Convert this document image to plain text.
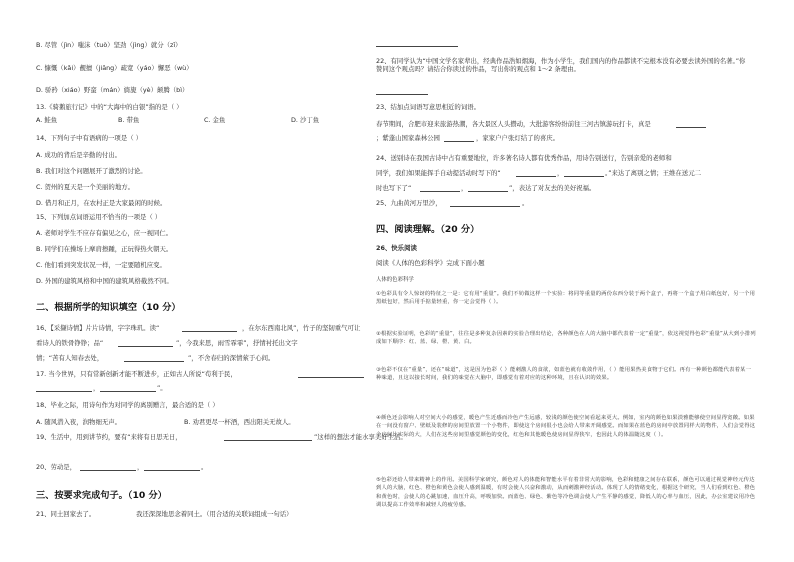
B. 尽管（jìn）嗤沫（tuò）坚劲（jìng）就分（zī）
C. 慷慨（kǎi）靓擅（jiāng）疏宽（yáo）懈恶（wù）
D. 骄矜（xiáo）野蛮（mán）旖旎（yè）颠腾（bì）
13.《骑鹅旅行记》中的“大海中的白银”指的是（ ）
A. 鲑鱼	B. 带鱼	C. 金鱼	D. 沙丁鱼
14、下列句子中有语病的一项是（ ）
A. 成功的背后是辛勤的付出。
B. 我们对这个问题展开了激烈的讨论。
C. 贺州的夏天是一个美丽的地方。
D. 借月和正月，在农村正是大家最闲的时候。
15、下列加点词语运用不恰当的一项是（ ）
A. 老师对学生不应存有偏见之心，应一视同仁。
B. 同学们在操场上摩肩擦踵，正玩得热火朝天。
C. 他们看到突发状况一样，一定要随机应变。
D. 外国的建筑风格和中国的建筑风格截然不同。
二、根据所学的知识填空（10 分）
16、【采撷诗情】片片诗情，字字珠玑。读“	，在尔东西南北风”，竹子的坚韧重气可让
看诗人的铁骨铮铮；品“	”，今我来思，雨雪霏霏”，抒情衬托出文字
情；“苦有人知春去处，	”，不舍春归的深情萦于心间。
17. 当今世界，只有常新创新才能不断进步，正如古人所说“苟利于民，
，	”。
18、毕业之际，用诗句作为对同学的离别赠言，最合适的是（ ）
A. 随风潜入夜，润物细无声。	B. 劝君更尽一杯酒，西出阳关无故人。
19、生活中，用到讲节约，要有“来将有日思无日，	”这样的想法才能水享美好生活。
20、劳动是，	，	。
三、按要求完成句子。（10 分）
21、同土回家去了。	我还深深地思念着同土。（用合适的关联词组成一句话）
22、有同学认为“中国文学名家辈出，经典作品浩如烟海，作为小学生，我们国内的作品都读不完根本没有必要去读外国的名著。”你赞同这个观点吗？请结合你读过的作品，写出你的观点和 1～2 条理由。
23、结加点词语写意思相近的词语。
春节期间，合肥市迎来旅游热潮，各大景区人头攒动，大批游客纷纷前往三河古镇游玩打卡，真是
；紫蓬山国家森林公园	，家家户户张灯结了的喜庆。
24、送别诗在我国古诗中占有重要地位，许多著名诗人都有优秀作品，用诗告别送行，告别亲爱的老师和
同学，我们如果能挥手自动提活动时写下的“	，	。”来达了离别之情；王维在送元二
时也写下了“	，	”，表达了对友去的美好祝福。
25、九曲黄河万里沙，	。
四、阅读理解。（20 分）
26、快乐阅读
阅读《人体的色彩科学》完成下面小题
人体的色彩科学
①色彩具有令人惊讶的特征之一是：它有用“重量”。我们不妨做这样一个实验：将同等重量的两份东西分装于两个盒子，再将一个盒子用白纸包好，另一个用黑纸包好，然后用手掂量轻重，你一定会觉得（ ）。
②根据实验证明，色彩的“重量”，往往是多种复杂因素的实验合理出结论，各种颜色在人的大脑中都代表着一定“重量”，依这视觉得色彩“重量”从大到小排列成如下顺序：红、蓝、绿、橙、黄、白。
③色彩不仅在“重量”，还在“味道”，这是因为色彩（ ）能刺激人的食欲，如蓝色就有收敛作用，（ ）能用果热美食物于它们。再有一种颜色都能代表着某一种味道，且这以接长时间，我们的味觉在大脑中，即感觉有着对应的这种环境，且在认识的效果。
④颜色还会影响人对空间大小的感觉，暖色产生近感而冷色产生远感，较浅的颜色使空间看起来更大。例如，室内的颜色如果淡雅能够使空间显得宽敞。如果在一间没有窗户、壁纸及装修的房间里放置一个小物件，即使这个房间很小也会给人带来开阔感觉。而如果在蓝色的房间中放置同样大的物件，人们会觉得这个房间比实际的大，人们在这些房间里感觉颜色的变化，红色和其他暖色使房间显得狭窄，也因此人的体温随这度（ ）。
⑤色彩还给人带来精神上的作用。美国科学家研究，颜色对人的体能和智能水平有着非常大的影响，色彩和健康之间存在联系，颜色可以通过视觉神经元传达到人的大脑，红色、橙色和黄色会使人感到温暖，有时会使人兴奋和激动，从而刺激神经活动。体现了人的情绪变化，根据这个研究，当人们看到红色、橙色和黄色时，会使人的心跳加速，血压升高，呼吸加快。而蓝色、绿色、紫色等冷色调会使人产生平静的感觉，降低人的心率与血压，因此，办公室建议用冷色调以提高工作效率和减轻人的疲劳感。
